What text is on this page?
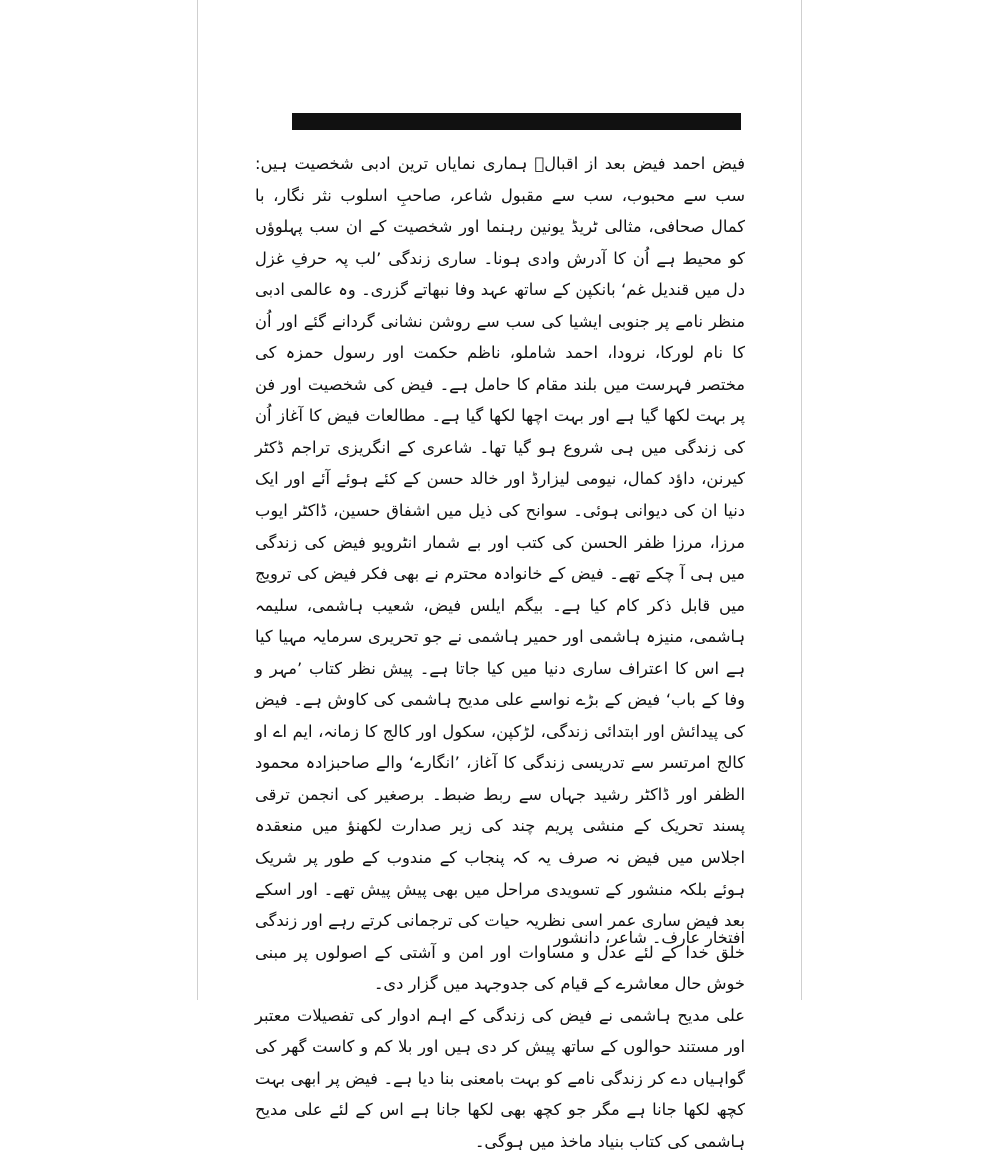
فیض احمد فیض بعد از اقبالؔ ہماری نمایاں ترین ادبی شخصیت ہیں: سب سے محبوب، سب سے مقبول شاعر، صاحبِ اسلوب نثر نگار، با کمال صحافی، مثالی ٹریڈ یونین رہنما اور شخصیت کے ان سب پہلوؤں کو محیط ہے اُن کا آدرش وادی ہونا۔ ساری زندگی ’لب پہ حرفِ غزل دل میں قندیل غم‘ بانکپن کے ساتھ عہد وفا نبھاتے گزری۔ وہ عالمی ادبی منظر نامے پر جنوبی ایشیا کی سب سے روشن نشانی گردانے گئے اور اُن کا نام لورکا، نرودا، احمد شاملو، ناظم حکمت اور رسول حمزہ کی مختصر فہرست میں بلند مقام کا حامل ہے۔ فیض کی شخصیت اور فن پر بہت لکھا گیا ہے اور بہت اچھا لکھا گیا ہے۔ مطالعات فیض کا آغاز اُن کی زندگی میں ہی شروع ہو گیا تھا۔ شاعری کے انگریزی تراجم ڈکٹر کیرنن، داؤد کمال، نیومی لیزارڈ اور خالد حسن کے کئے ہوئے آئے اور ایک دنیا ان کی دیوانی ہوئی۔ سوانح کی ذیل میں اشفاق حسین، ڈاکٹر ایوب مرزا، مرزا ظفر الحسن کی کتب اور بے شمار انٹرویو فیض کی زندگی میں ہی آ چکے تھے۔ فیض کے خانوادہ محترم نے بھی فکر فیض کی ترویج میں قابل ذکر کام کیا ہے۔ بیگم ایلس فیض، شعیب ہاشمی، سلیمہ ہاشمی، منیزہ ہاشمی اور حمیر ہاشمی نے جو تحریری سرمایہ مہیا کیا ہے اس کا اعتراف ساری دنیا میں کیا جاتا ہے۔ پیش نظر کتاب ’مہر و وفا کے باب‘ فیض کے بڑے نواسے علی مدیح ہاشمی کی کاوش ہے۔ فیض کی پیدائش اور ابتدائی زندگی، لڑکپن، سکول اور کالج کا زمانہ، ایم اے او کالج امرتسر سے تدریسی زندگی کا آغاز، ’انگارے‘ والے صاحبزادہ محمود الظفر اور ڈاکٹر رشید جہاں سے ربط ضبط۔ برصغیر کی انجمن ترقی پسند تحریک کے منشی پریم چند کی زیر صدارت لکھنؤ میں منعقدہ اجلاس میں فیض نہ صرف یہ کہ پنجاب کے مندوب کے طور پر شریک ہوئے بلکہ منشور کے تسویدی مراحل میں بھی پیش پیش تھے۔ اور اسکے بعد فیض ساری عمر اسی نظریہ حیات کی ترجمانی کرتے رہے اور زندگی خلق خدا کے لئے عدل و مساوات اور امن و آشتی کے اصولوں پر مبنی خوش حال معاشرے کے قیام کی جدوجہد میں گزار دی۔

علی مدیح ہاشمی نے فیض کی زندگی کے اہم ادوار کی تفصیلات معتبر اور مستند حوالوں کے ساتھ پیش کر دی ہیں اور بلا کم و کاست گھر کی گواہیاں دے کر زندگی نامے کو بہت بامعنی بنا دیا ہے۔ فیض پر ابھی بہت کچھ لکھا جانا ہے مگر جو کچھ بھی لکھا جانا ہے اس کے لئے علی مدیح ہاشمی کی کتاب بنیاد ماخذ میں ہوگی۔

افتخار عارف۔ شاعر، دانشور
